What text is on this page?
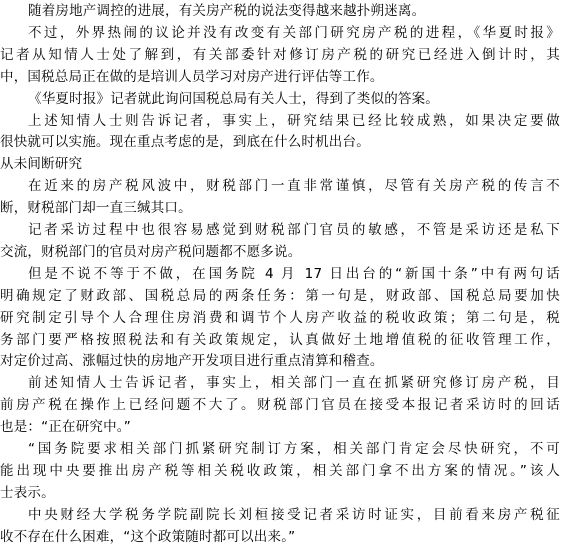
随着房地产调控的进展，有关房产税的说法变得越来越扑朔迷离。
不过，外界热闹的议论并没有改变有关部门研究房产税的进程，《华夏时报》
记者从知情人士处了解到，有关部委针对修订房产税的研究已经进入倒计时，其
中，国税总局正在做的是培训人员学习对房产进行评估等工作。
《华夏时报》记者就此询问国税总局有关人士，得到了类似的答案。
上述知情人士则告诉记者，事实上，研究结果已经比较成熟，如果决定要做
很快就可以实施。现在重点考虑的是，到底在什么时机出台。
从未间断研究
在近来的房产税风波中，财税部门一直非常谨慎，尽管有关房产税的传言不
断，财税部门却一直三缄其口。
记者采访过程中也很容易感觉到财税部门官员的敏感，不管是采访还是私下
交流，财税部门的官员对房产税问题都不愿多说。
但是不说不等于不做，在国务院 4 月 17 日出台的“新国十条”中有两句话
明确规定了财政部、国税总局的两条任务：第一句是，财政部、国税总局要加快
研究制定引导个人合理住房消费和调节个人房产收益的税收政策；第二句是，税
务部门要严格按照税法和有关政策规定，认真做好土地增值税的征收管理工作，
对定价过高、涨幅过快的房地产开发项目进行重点清算和稽查。
前述知情人士告诉记者，事实上，相关部门一直在抓紧研究修订房产税，目
前房产税在操作上已经问题不大了。财税部门官员在接受本报记者采访时的回话
也是：“正在研究中。”
“国务院要求相关部门抓紧研究制订方案，相关部门肯定会尽快研究，不可
能出现中央要推出房产税等相关税收政策，相关部门拿不出方案的情况。”该人
士表示。
中央财经大学税务学院副院长刘桓接受记者采访时证实，目前看来房产税征
收不存在什么困难，“这个政策随时都可以出来。”
